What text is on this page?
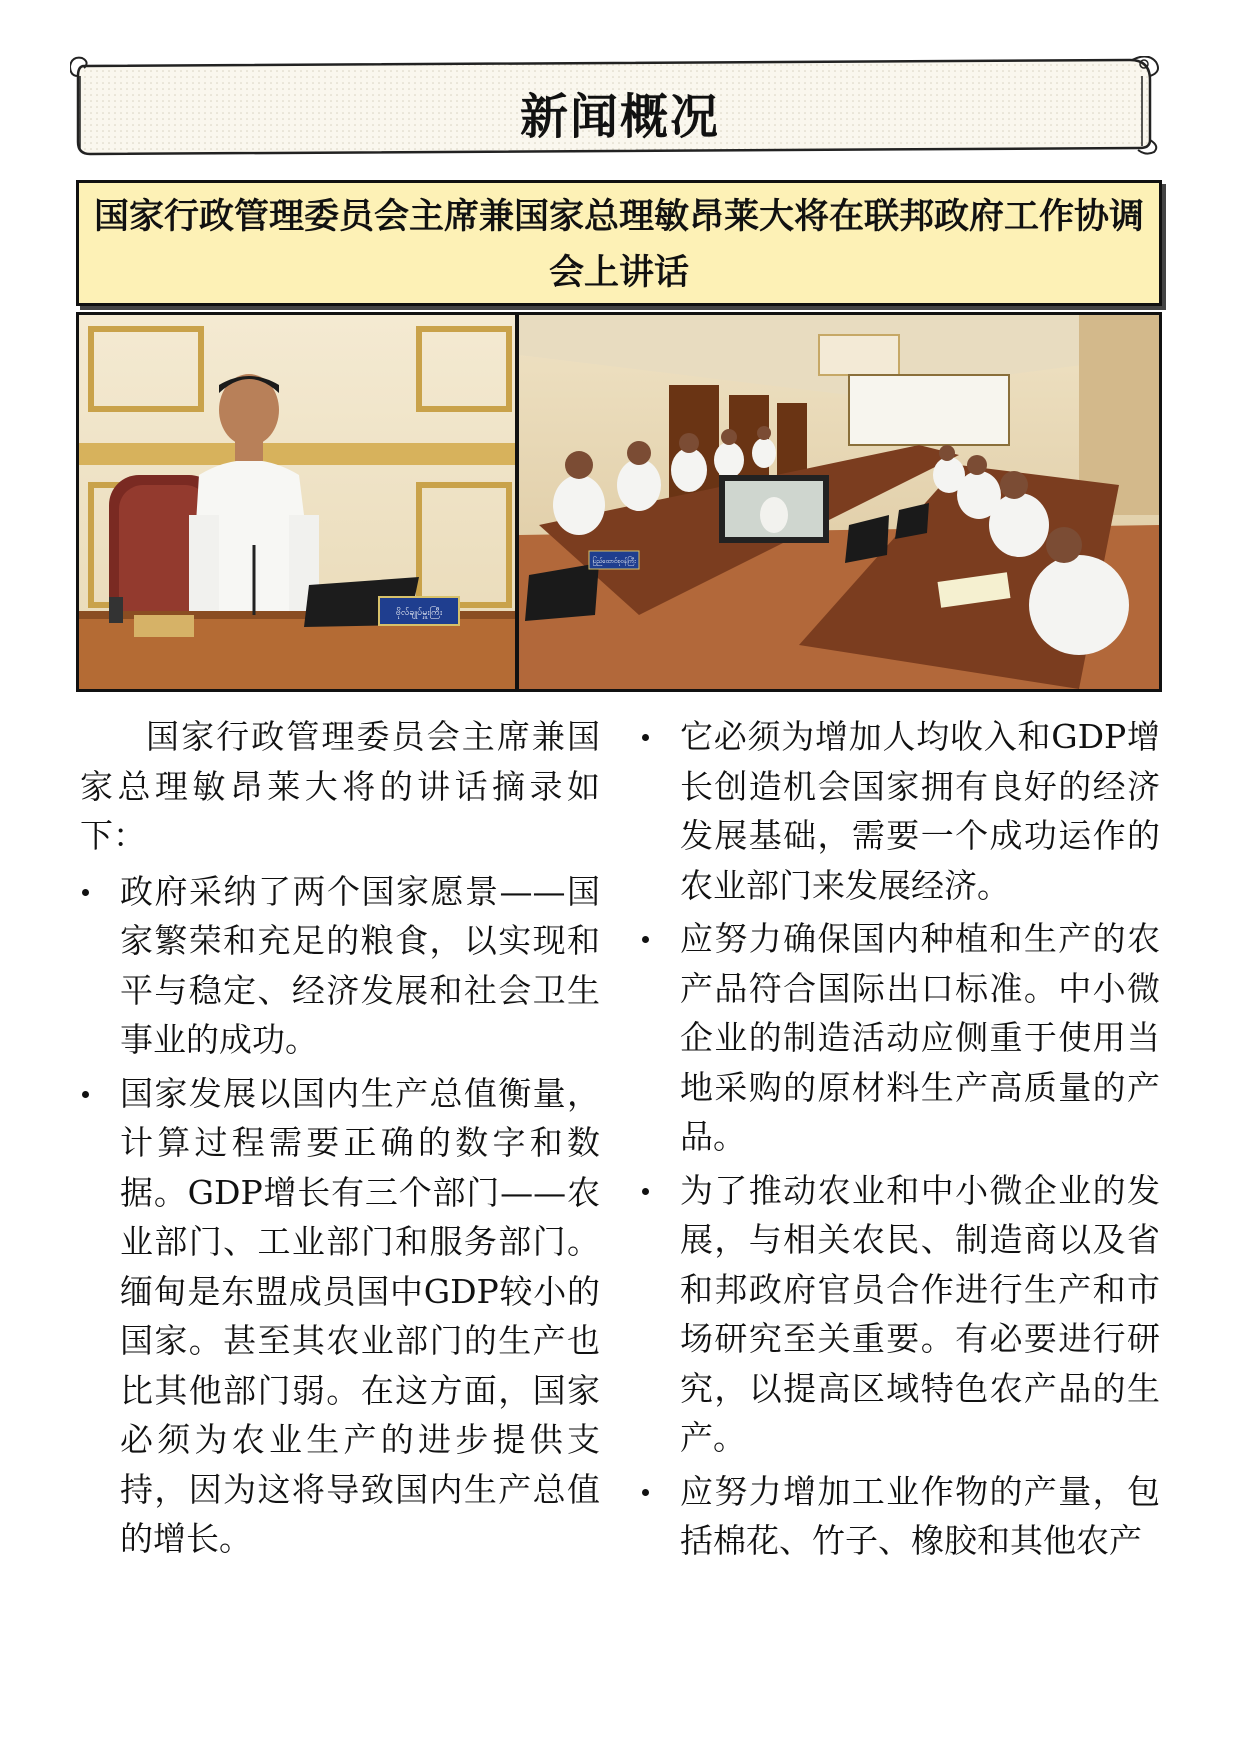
新闻概况
国家行政管理委员会主席兼国家总理敏昂莱大将在联邦政府工作协调会上讲话
ဗိုလ်ချုပ်မှူးကြီး
ပြည်ထောင်စုဝန်ကြီး

国家行政管理委员会主席兼国家总理敏昂莱大将的讲话摘录如下：

政府采纳了两个国家愿景——国家繁荣和充足的粮食，以实现和平与稳定、经济发展和社会卫生事业的成功。
国家发展以国内生产总值衡量，计算过程需要正确的数字和数据。GDP增长有三个部门——农业部门、工业部门和服务部门。缅甸是东盟成员国中GDP较小的国家。甚至其农业部门的生产也比其他部门弱。在这方面，国家必须为农业生产的进步提供支持，因为这将导致国内生产总值的增长。
它必须为增加人均收入和GDP增长创造机会国家拥有良好的经济发展基础，需要一个成功运作的农业部门来发展经济。
应努力确保国内种植和生产的农产品符合国际出口标准。中小微企业的制造活动应侧重于使用当地采购的原材料生产高质量的产品。
为了推动农业和中小微企业的发展，与相关农民、制造商以及省和邦政府官员合作进行生产和市场研究至关重要。有必要进行研究，以提高区域特色农产品的生产。
应努力增加工业作物的产量，包括棉花、竹子、橡胶和其他农产
